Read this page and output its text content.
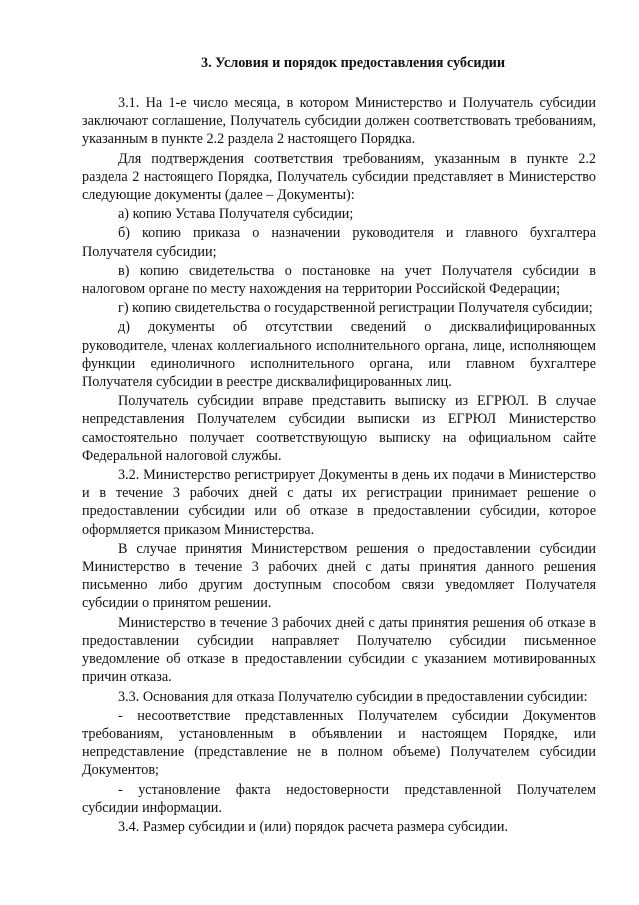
3. Условия и порядок предоставления субсидии

3.1. На 1-е число месяца, в котором Министерство и Получатель субсидии заключают соглашение, Получатель субсидии должен соответствовать требованиям, указанным в пункте 2.2 раздела 2 настоящего Порядка.

Для подтверждения соответствия требованиям, указанным в пункте 2.2 раздела 2 настоящего Порядка, Получатель субсидии представляет в Министерство следующие документы (далее – Документы):

а) копию Устава Получателя субсидии;

б) копию приказа о назначении руководителя и главного бухгалтера Получателя субсидии;

в) копию свидетельства о постановке на учет Получателя субсидии в налоговом органе по месту нахождения на территории Российской Федерации;

г) копию свидетельства о государственной регистрации Получателя субсидии;

д) документы об отсутствии сведений о дисквалифицированных руководителе, членах коллегиального исполнительного органа, лице, исполняющем функции единоличного исполнительного органа, или главном бухгалтере Получателя субсидии в реестре дисквалифицированных лиц.

Получатель субсидии вправе представить выписку из ЕГРЮЛ. В случае непредставления Получателем субсидии выписки из ЕГРЮЛ Министерство самостоятельно получает соответствующую выписку на официальном сайте Федеральной налоговой службы.

3.2. Министерство регистрирует Документы в день их подачи в Министерство и в течение 3 рабочих дней с даты их регистрации принимает решение о предоставлении субсидии или об отказе в предоставлении субсидии, которое оформляется приказом Министерства.

В случае принятия Министерством решения о предоставлении субсидии Министерство в течение 3 рабочих дней с даты принятия данного решения письменно либо другим доступным способом связи уведомляет Получателя субсидии о принятом решении.

Министерство в течение 3 рабочих дней с даты принятия решения об отказе в предоставлении субсидии направляет Получателю субсидии письменное уведомление об отказе в предоставлении субсидии с указанием мотивированных причин отказа.

3.3. Основания для отказа Получателю субсидии в предоставлении субсидии:

- несоответствие представленных Получателем субсидии Документов требованиям, установленным в объявлении и настоящем Порядке, или непредставление (представление не в полном объеме) Получателем субсидии Документов;

- установление факта недостоверности представленной Получателем субсидии информации.

3.4. Размер субсидии и (или) порядок расчета размера субсидии.
